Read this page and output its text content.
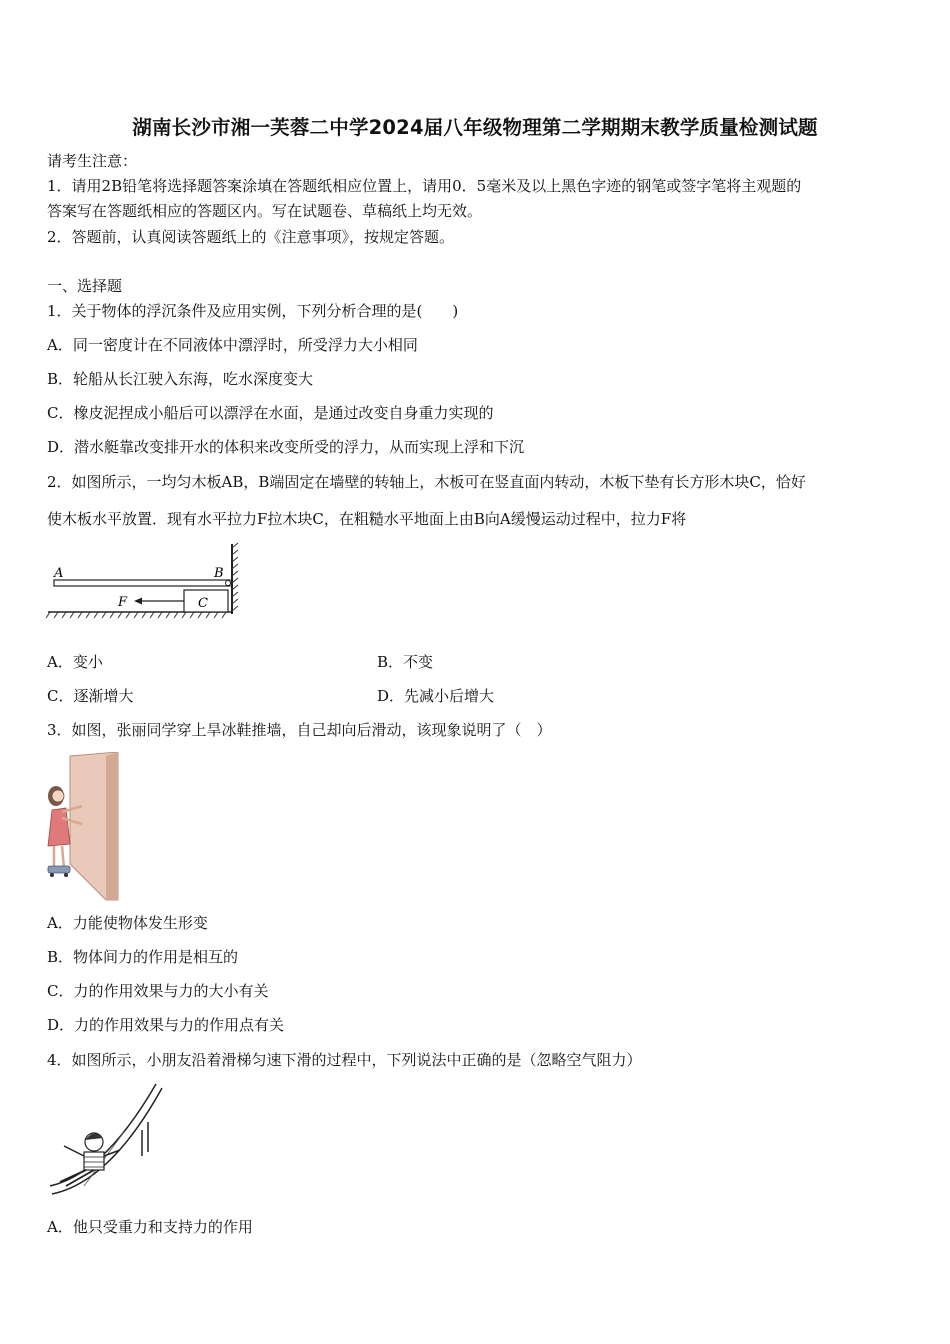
湖南长沙市湘一芙蓉二中学2024届八年级物理第二学期期末教学质量检测试题
请考生注意：
1．请用2B铅笔将选择题答案涂填在答题纸相应位置上，请用0．5毫米及以上黑色字迹的钢笔或签字笔将主观题的
答案写在答题纸相应的答题区内。写在试题卷、草稿纸上均无效。
2．答题前，认真阅读答题纸上的《注意事项》，按规定答题。
一、选择题
1．关于物体的浮沉条件及应用实例，下列分析合理的是(　　)
A．同一密度计在不同液体中漂浮时，所受浮力大小相同
B．轮船从长江驶入东海，吃水深度变大
C．橡皮泥捏成小船后可以漂浮在水面，是通过改变自身重力实现的
D．潜水艇靠改变排开水的体积来改变所受的浮力，从而实现上浮和下沉
2．如图所示，一均匀木板AB，B端固定在墙壁的转轴上，木板可在竖直面内转动，木板下垫有长方形木块C，恰好
使木板水平放置．现有水平拉力F拉木块C，在粗糙水平地面上由B向A缓慢运动过程中，拉力F将
A	B
F	C
A．变小	B．不变
C．逐渐增大	D．先减小后增大
3．如图，张丽同学穿上旱冰鞋推墙，自己却向后滑动，该现象说明了（　）
A．力能使物体发生形变
B．物体间力的作用是相互的
C．力的作用效果与力的大小有关
D．力的作用效果与力的作用点有关
4．如图所示，小朋友沿着滑梯匀速下滑的过程中，下列说法中正确的是（忽略空气阻力）
A．他只受重力和支持力的作用
